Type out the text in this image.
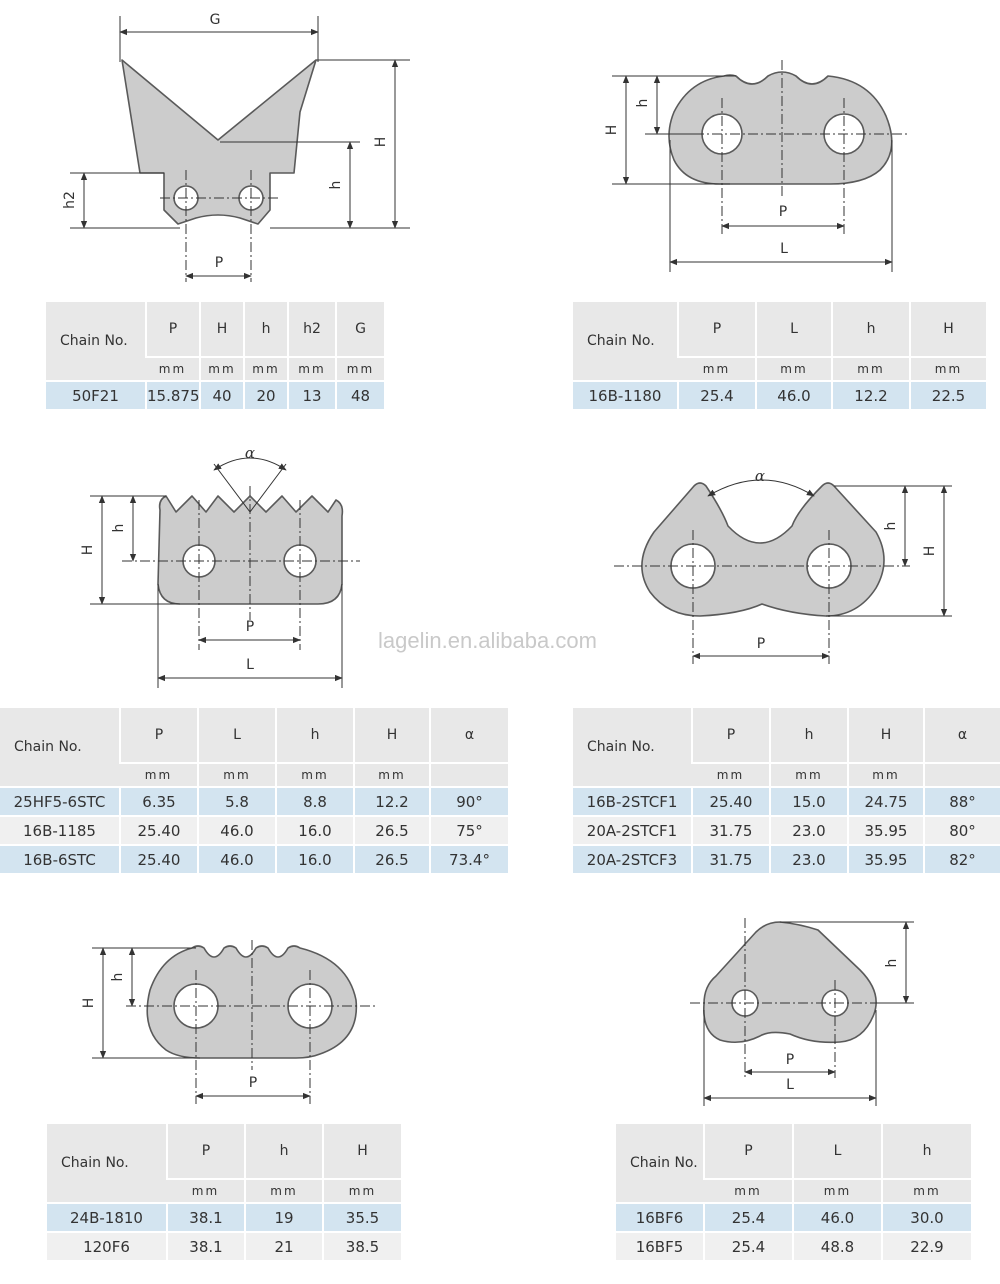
G
H
h
h2
P
H
h
P
L
α
H
h
P
L
α
H
h
P
H
h
P
h
P
L
lagelin.en.alibaba.com
Chain No.	P	H	h	h2	G
	mm	mm	mm	mm	mm
50F21	15.875	40	20	13	48
Chain No.	P	L	h	H
	mm	mm	mm	mm
16B-1180	25.4	46.0	12.2	22.5
Chain No.	P	L	h	H	α
	mm	mm	mm	mm	
25HF5-6STC	6.35	5.8	8.8	12.2	90°
16B-1185	25.40	46.0	16.0	26.5	75°
16B-6STC	25.40	46.0	16.0	26.5	73.4°
Chain No.	P	h	H	α
	mm	mm	mm	
16B-2STCF1	25.40	15.0	24.75	88°
20A-2STCF1	31.75	23.0	35.95	80°
20A-2STCF3	31.75	23.0	35.95	82°
Chain No.	P	h	H
	mm	mm	mm
24B-1810	38.1	19	35.5
120F6	38.1	21	38.5
Chain No.	P	L	h
	mm	mm	mm
16BF6	25.4	46.0	30.0
16BF5	25.4	48.8	22.9
